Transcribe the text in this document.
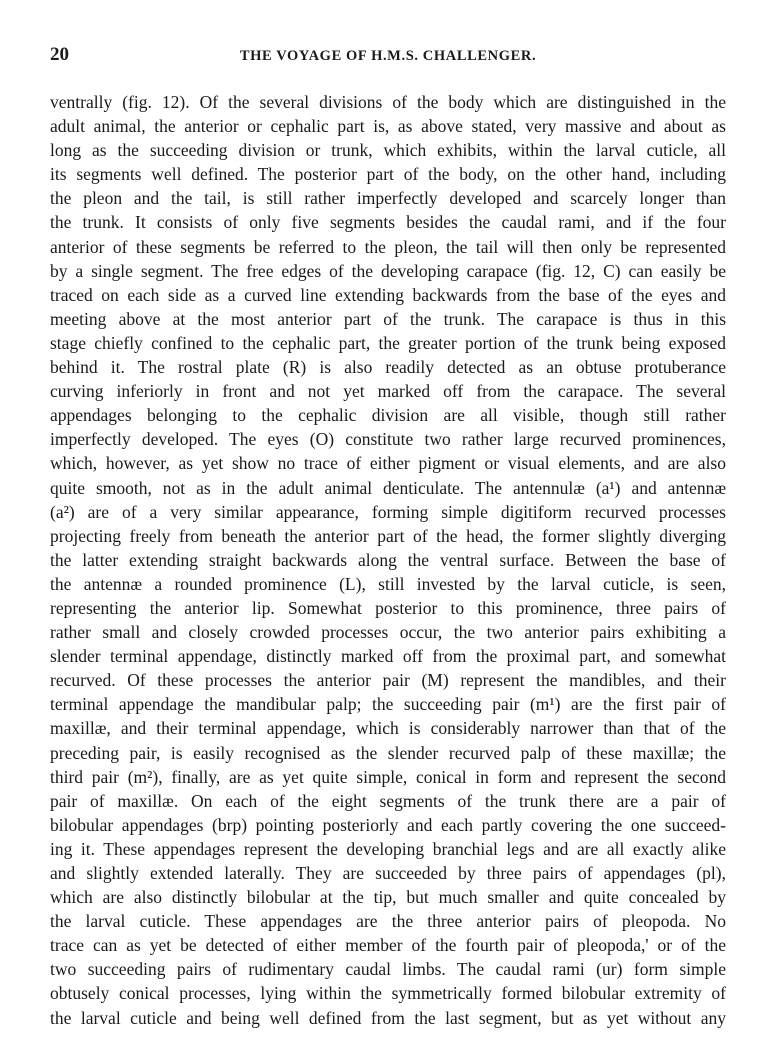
20	THE VOYAGE OF H.M.S. CHALLENGER.
ventrally (fig. 12). Of the several divisions of the body which are distinguished in the
adult animal, the anterior or cephalic part is, as above stated, very massive and about as
long as the succeeding division or trunk, which exhibits, within the larval cuticle, all
its segments well defined. The posterior part of the body, on the other hand, including
the pleon and the tail, is still rather imperfectly developed and scarcely longer than
the trunk. It consists of only five segments besides the caudal rami, and if the four
anterior of these segments be referred to the pleon, the tail will then only be represented
by a single segment. The free edges of the developing carapace (fig. 12, C) can easily be
traced on each side as a curved line extending backwards from the base of the eyes and
meeting above at the most anterior part of the trunk. The carapace is thus in this
stage chiefly confined to the cephalic part, the greater portion of the trunk being exposed
behind it. The rostral plate (R) is also readily detected as an obtuse protuberance
curving inferiorly in front and not yet marked off from the carapace. The several
appendages belonging to the cephalic division are all visible, though still rather
imperfectly developed. The eyes (O) constitute two rather large recurved prominences,
which, however, as yet show no trace of either pigment or visual elements, and are also
quite smooth, not as in the adult animal denticulate. The antennulæ (a¹) and antennæ
(a²) are of a very similar appearance, forming simple digitiform recurved processes
projecting freely from beneath the anterior part of the head, the former slightly diverging
the latter extending straight backwards along the ventral surface. Between the base of
the antennæ a rounded prominence (L), still invested by the larval cuticle, is seen,
representing the anterior lip. Somewhat posterior to this prominence, three pairs of
rather small and closely crowded processes occur, the two anterior pairs exhibiting a
slender terminal appendage, distinctly marked off from the proximal part, and somewhat
recurved. Of these processes the anterior pair (M) represent the mandibles, and their
terminal appendage the mandibular palp; the succeeding pair (m¹) are the first pair of
maxillæ, and their terminal appendage, which is considerably narrower than that of the
preceding pair, is easily recognised as the slender recurved palp of these maxillæ; the
third pair (m²), finally, are as yet quite simple, conical in form and represent the second
pair of maxillæ. On each of the eight segments of the trunk there are a pair of
bilobular appendages (brp) pointing posteriorly and each partly covering the one succeed-
ing it. These appendages represent the developing branchial legs and are all exactly alike
and slightly extended laterally. They are succeeded by three pairs of appendages (pl),
which are also distinctly bilobular at the tip, but much smaller and quite concealed by
the larval cuticle. These appendages are the three anterior pairs of pleopoda. No
trace can as yet be detected of either member of the fourth pair of pleopoda,' or of the
two succeeding pairs of rudimentary caudal limbs. The caudal rami (ur) form simple
obtusely conical processes, lying within the symmetrically formed bilobular extremity of
the larval cuticle and being well defined from the last segment, but as yet without any
